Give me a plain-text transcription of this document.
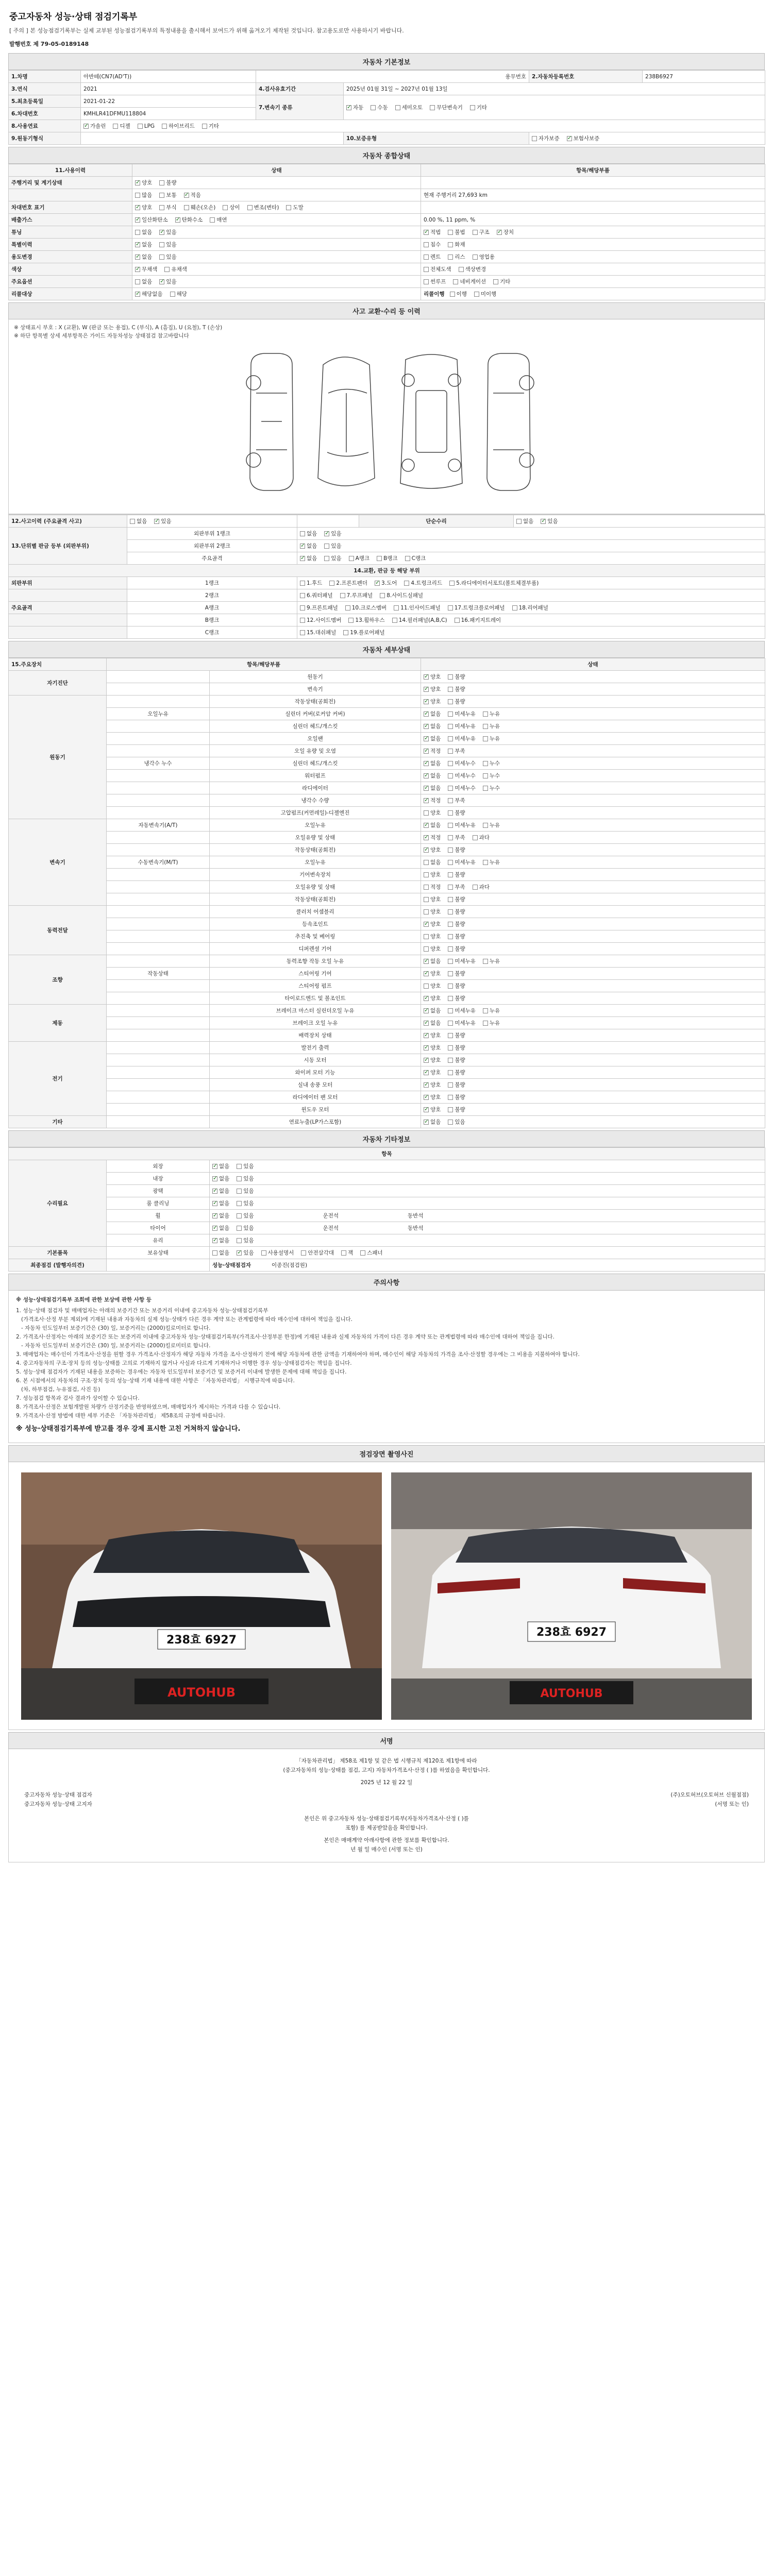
중고자동차 성능·상태 점검기록부
[ 주의 ] 본 성능점검기록부는 실제 교부된 성능점검기록부의 특정내용을 출시해서 보여드가 위해 옮겨오기 제작된 것입니다. 참고용도로만 사용하시기 바랍니다.
발행번호 제 79-05-0189148
자동차 기본정보
1.차명	아반떼(CN7(AD'T))	용무번호		2.자동차등록번호	238B6927
3.연식	2021	4.검사유효기간	2025년 01월 31일 ~ 2027년 01월 13일		
5.최초등록일	2021-01-22	7.변속기 종류	✓자동 수동 세미오토 무단변속기 기타
6.차대번호	KMHLR41DFMU118804				
8.사용연료	✓가솔린 디젤 LPG 하이브리드 기타
9.원동기형식			10.보증유형	자가보증 ✓ 보험사보증
자동차 종합상태
11.사용이력	상태	항목/해당부품
주행거리 및 계기상태	✓양호 불량	
	많음 보통 ✓ 적음	현재 주행거리 27,693 km
차대번호 표기	✓양호 부식 훼손(오손) 상이 변조(변타) 도말	
배출가스	✓일산화탄소 ✓ 탄화수소 매연	0.00 %, 11 ppm, %
튜닝	없음 ✓ 있음	✓적법 불법 구조 ✓ 장치
특별이력	✓없음 있음	침수 화재
용도변경	✓없음 있음	렌트 리스 영업용
색상	✓무채색 유채색	전체도색 색상변경
주요옵션	없음 ✓ 있음	썬루프 네비게이션 기타
리콜대상	✓해당없음 해당	리콜이행 이행 미이행
사고 교환·수리 등 이력
※ 상태표시 부호 : X (교환), W (판금 또는 용접), C (부식), A (흠집), U (요철), T (손상)
※ 하단 항목별 상세 세부항목은 가이드 자동차성능 상태점검 참고바랍니다
12.사고이력 (주요골격 사고)	없음 ✓ 있음		단순수리	없음 ✓ 있음
13.단위별 판금 등부 (외판부위)	외판부위 1랭크	없음 ✓ 있음
	외판부위 2랭크	✓없음 있음
	주요골격	✓없음 있음 A랭크 B랭크 C랭크
14.교환, 판금 등 해당 부위				
외판부위	1랭크	1.후드 2.프론트펜더 ✓ 3.도어 4.트렁크리드 5.라디에이터서포트(볼트체결부품)
	2랭크	6.쿼터패널 7.루프패널 8.사이드실패널		
주요골격	A랭크	9.프론트패널 10.크로스멤버 11.인사이드패널 17.트렁크플로어패널 18.리어패널		
	B랭크	12.사이드멤버 13.휠하우스 14.필러패널(A,B,C) 16.패키지트레이		
	C랭크	15.대쉬패널 19.플로어패널		
자동차 세부상태
15.주요장치	항목/해당부품		상태
자기진단		원동기	✓양호 불량
		변속기	✓양호 불량
원동기		작동상태(공회전)	✓양호 불량
	오일누유	실린더 커버(로커암 커버)	✓없음 미세누유 누유
		실린더 헤드/개스킷	✓없음 미세누유 누유
		오일팬	✓없음 미세누유 누유
		오일 유량 및 오염	✓적정 부족
	냉각수 누수	실린더 헤드/개스킷	✓없음 미세누수 누수
		워터펌프	✓없음 미세누수 누수
		라디에이터	✓없음 미세누수 누수
		냉각수 수량	✓적정 부족
		고압펌프(커먼레일)-디젤엔진	양호 불량
변속기	자동변속기(A/T)	오일누유	✓없음 미세누유 누유
		오일유량 및 상태	✓적정 부족 과다
		작동상태(공회전)	✓양호 불량
	수동변속기(M/T)	오일누유	없음 미세누유 누유
		기어변속장치	양호 불량
		오일유량 및 상태	적정 부족 과다
		작동상태(공회전)	양호 불량
동력전달		클러치 어셈블리	양호 불량
		등속조인트	✓양호 불량
		추진축 및 베어링	양호 불량
		디퍼렌셜 기어	양호 불량
조향		동력조향 작동 오일 누유	✓없음 미세누유 누유
	작동상태	스티어링 기어	✓양호 불량
		스티어링 펌프	양호 불량
		타이로드엔드 및 볼조인트	✓양호 불량
제동		브레이크 마스터 실린더오일 누유	✓없음 미세누유 누유
		브레이크 오일 누유	✓없음 미세누유 누유
		배력장치 상태	✓양호 불량
전기		발전기 출력	✓양호 불량
		시동 모터	✓양호 불량
		와이퍼 모터 기능	✓양호 불량
		실내 송풍 모터	✓양호 불량
		라디에이터 팬 모터	✓양호 불량
		윈도우 모터	✓양호 불량
기타		연료누출(LP가스포함)	✓없음 있음
자동차 기타정보
항목		
수리필요	외장	✓없음 있음
	내장	✓없음 있음
	광택	✓없음 있음
	룸 클리닝	✓없음 있음
	휠	✓없음 있음 운전석 동반석
	타이어	✓없음 있음 운전석 동반석
	유리	✓없음 있음
기본품목	보유상태	없음 ✓ 있음 사용설명서 안전삼각대 잭 스패너
최종점검 (발행자의견)		성능·상태점검자 이종진(점검원)
주의사항
※ 성능·상태점검기록부 조회에 관한 보상에 관한 사항 등
1. 성능·상태 점검자 및 매매업자는 아래의 보증기간 또는 보증거리 이내에 중고자동차 성능·상태점검기록부
(가격조사·산정 부분 제외)에 기재된 내용과 자동차의 실제 성능·상태가 다른 경우 계약 또는 관계법령에 따라 매수인에 대하여 책임을 집니다.
- 자동차 인도일부터 보증기간은 (30) 일, 보증거리는 (2000)킬로미터로 합니다.
2. 가격조사·산정자는 아래의 보증기간 또는 보증거리 이내에 중고자동차 성능·상태점검기록부(가격조사·산정부분 한정)에 기재된 내용과 실제 자동차의 가격이 다른 경우 계약 또는 관계법령에 따라 매수인에 대하여 책임을 집니다.
- 자동차 인도일부터 보증기간은 (30) 일, 보증거리는 (2000)킬로미터로 합니다.
3. 매매업자는 매수인이 가격조사·산정을 원할 경우 가격조사·산정자가 해당 자동차 가격을 조사·산정하기 전에 해당 자동차에 관한 금액을 기재하여야 하며, 매수인이 해당 자동차의 가격을 조사·산정할 경우에는 그 비용을 지불하여야 합니다.
4. 중고자동차의 구조·장치 등의 성능·상태를 고의로 기재하지 않거나 사실과 다르게 기재하거나 이행한 경우 성능·상태점검자는 책임을 집니다.
5. 성능·상태 점검자가 기재된 내용을 보증하는 경우에는 자동차 인도일부터 보증기간 및 보증거리 이내에 발생한 문제에 대해 책임을 집니다.
6. 본 시점에서의 자동차의 구조·장치 등의 성능·상태 기재 내용에 대한 사항은 「자동차관리법」 시행규칙에 따릅니다.
(차, 하부점검, 누유점검, 사진 등)
7. 성능점검 항목과 검사 결과가 상이할 수 있습니다.
8. 가격조사·산정은 보험개발원 차량가 산정기준을 반영하였으며, 매매업자가 제시하는 가격과 다를 수 있습니다.
9. 가격조사·산정 방법에 대한 세부 기준은 「자동차관리법」 제58조의 규정에 따릅니다.
※ 성능·상태점검기록부에 받고를 경우 강제 표시한 고친 거쳐하지 않습니다.
점검장면 촬영사진
238효 6927
AUTOHUB
238효 6927
AUTOHUB
서명
「자동차관리법」 제58조 제1항 및 같은 법 시행규칙 제120조 제1항에 따라
(중고자동차의 성능·상태를 점검, 고지) 자동차가격조사·산정 ( )를 하였음을 확인합니다.
2025 년 12 월 22 일
중고자동차 성능·상태 점검자	(주)오토허브(오토허브 신월점점)
중고자동차 성능·상태 고지자	(서명 또는 인)
본인은 위 중고자동차 성능·상태점검기록부(자동차가격조사·산정 ( )를
포함) 를 제공받았음을 확인합니다.
본인은 매매계약 아래사항에 관한 정보를 확인합니다.
년 월 일 매수인 (서명 또는 인)
